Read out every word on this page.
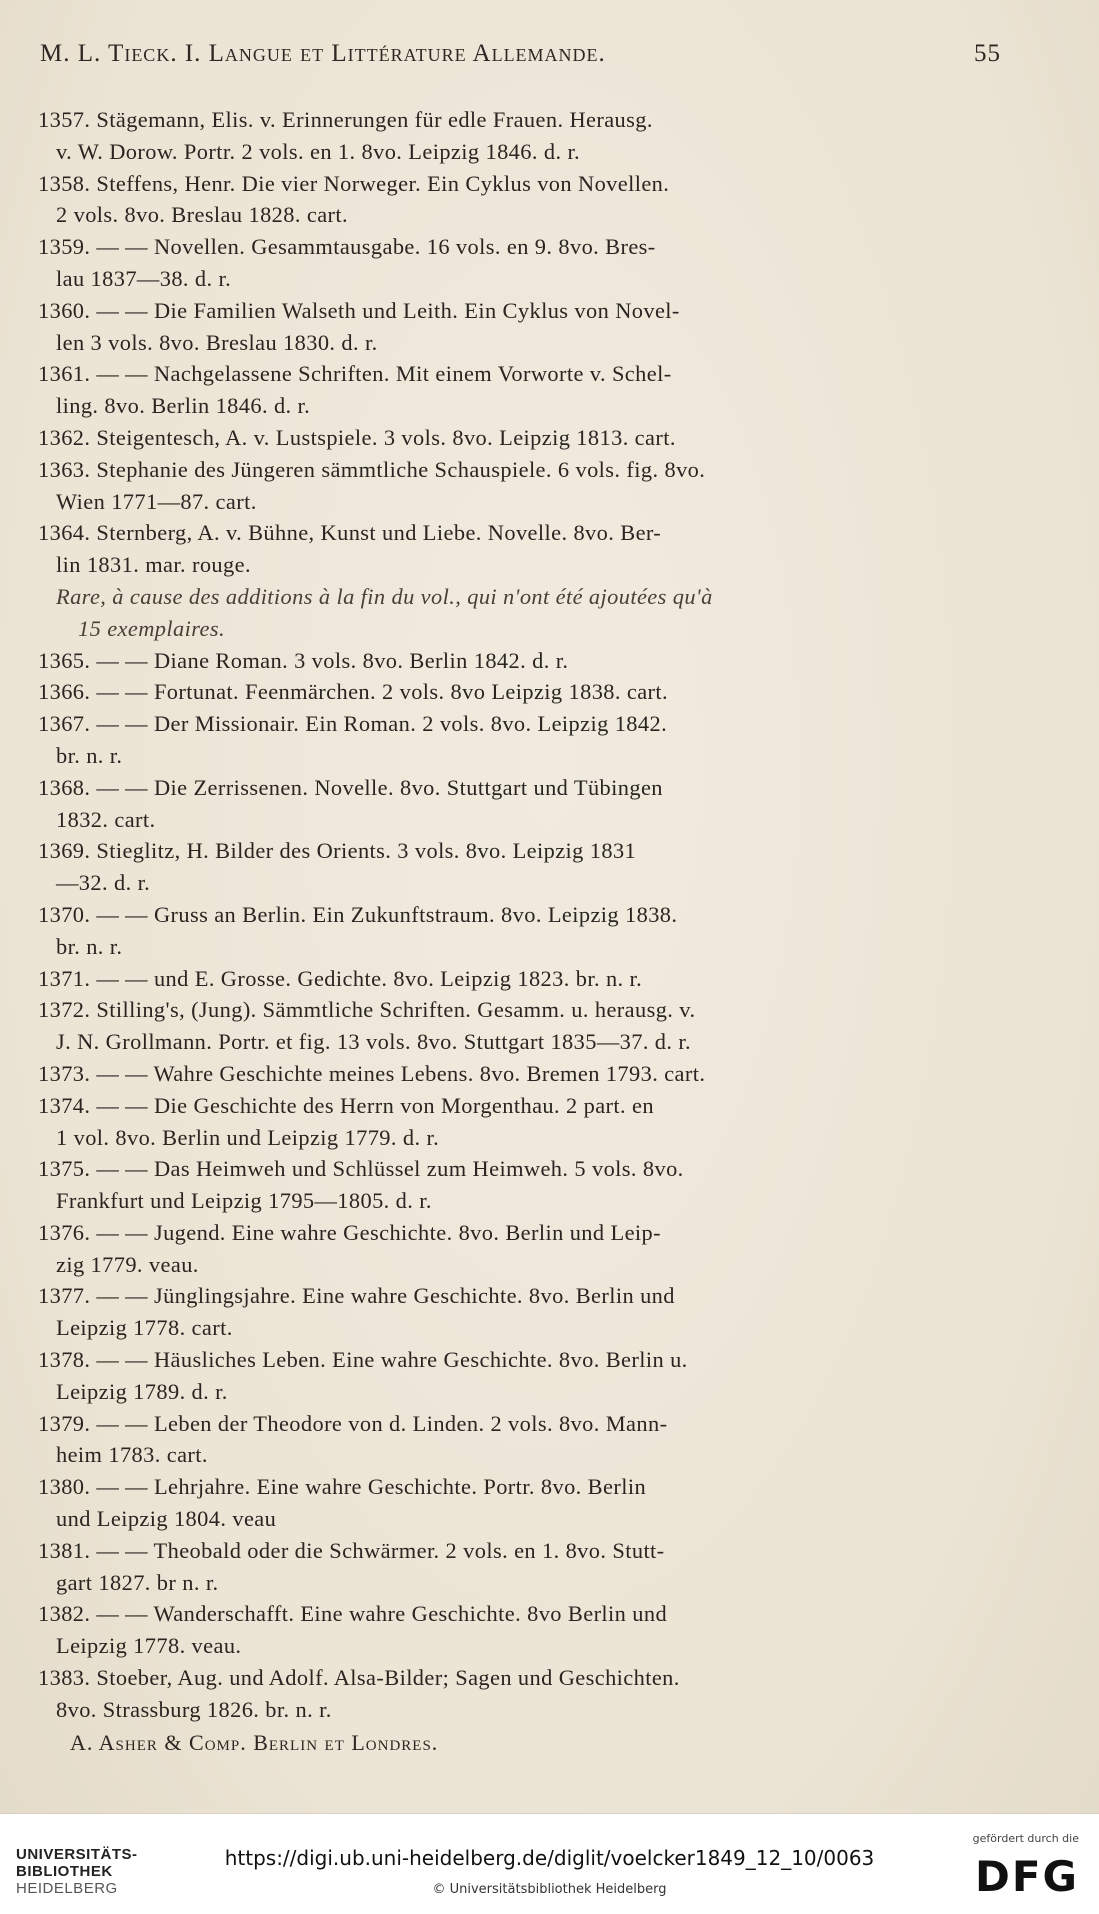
M. L. Tieck. I. Langue et Littérature Allemande.	55
1357. Stägemann, Elis. v. Erinnerungen für edle Frauen. Herausg.
v. W. Dorow. Portr. 2 vols. en 1. 8vo. Leipzig 1846. d. r.
1358. Steffens, Henr. Die vier Norweger. Ein Cyklus von Novellen.
2 vols. 8vo. Breslau 1828. cart.
1359. — — Novellen. Gesammtausgabe. 16 vols. en 9. 8vo. Bres-
lau 1837—38. d. r.
1360. — — Die Familien Walseth und Leith. Ein Cyklus von Novel-
len 3 vols. 8vo. Breslau 1830. d. r.
1361. — — Nachgelassene Schriften. Mit einem Vorworte v. Schel-
ling. 8vo. Berlin 1846. d. r.
1362. Steigentesch, A. v. Lustspiele. 3 vols. 8vo. Leipzig 1813. cart.
1363. Stephanie des Jüngeren sämmtliche Schauspiele. 6 vols. fig. 8vo.
Wien 1771—87. cart.
1364. Sternberg, A. v. Bühne, Kunst und Liebe. Novelle. 8vo. Ber-
lin 1831. mar. rouge.
Rare, à cause des additions à la fin du vol., qui n'ont été ajoutées qu'à
15 exemplaires.
1365. — — Diane Roman. 3 vols. 8vo. Berlin 1842. d. r.
1366. — — Fortunat. Feenmärchen. 2 vols. 8vo Leipzig 1838. cart.
1367. — — Der Missionair. Ein Roman. 2 vols. 8vo. Leipzig 1842.
br. n. r.
1368. — — Die Zerrissenen. Novelle. 8vo. Stuttgart und Tübingen
1832. cart.
1369. Stieglitz, H. Bilder des Orients. 3 vols. 8vo. Leipzig 1831
—32. d. r.
1370. — — Gruss an Berlin. Ein Zukunftstraum. 8vo. Leipzig 1838.
br. n. r.
1371. — — und E. Grosse. Gedichte. 8vo. Leipzig 1823. br. n. r.
1372. Stilling's, (Jung). Sämmtliche Schriften. Gesamm. u. herausg. v.
J. N. Grollmann. Portr. et fig. 13 vols. 8vo. Stuttgart 1835—37. d. r.
1373. — — Wahre Geschichte meines Lebens. 8vo. Bremen 1793. cart.
1374. — — Die Geschichte des Herrn von Morgenthau. 2 part. en
1 vol. 8vo. Berlin und Leipzig 1779. d. r.
1375. — — Das Heimweh und Schlüssel zum Heimweh. 5 vols. 8vo.
Frankfurt und Leipzig 1795—1805. d. r.
1376. — — Jugend. Eine wahre Geschichte. 8vo. Berlin und Leip-
zig 1779. veau.
1377. — — Jünglingsjahre. Eine wahre Geschichte. 8vo. Berlin und
Leipzig 1778. cart.
1378. — — Häusliches Leben. Eine wahre Geschichte. 8vo. Berlin u.
Leipzig 1789. d. r.
1379. — — Leben der Theodore von d. Linden. 2 vols. 8vo. Mann-
heim 1783. cart.
1380. — — Lehrjahre. Eine wahre Geschichte. Portr. 8vo. Berlin
und Leipzig 1804. veau
1381. — — Theobald oder die Schwärmer. 2 vols. en 1. 8vo. Stutt-
gart 1827. br n. r.
1382. — — Wanderschafft. Eine wahre Geschichte. 8vo Berlin und
Leipzig 1778. veau.
1383. Stoeber, Aug. und Adolf. Alsa-Bilder; Sagen und Geschichten.
8vo. Strassburg 1826. br. n. r.
A. Asher & Comp. Berlin et Londres.
UNIVERSITÄTS-
BIBLIOTHEK
HEIDELBERG
https://digi.ub.uni-heidelberg.de/diglit/voelcker1849_12_10/0063
© Universitätsbibliothek Heidelberg
gefördert durch die
DFG
